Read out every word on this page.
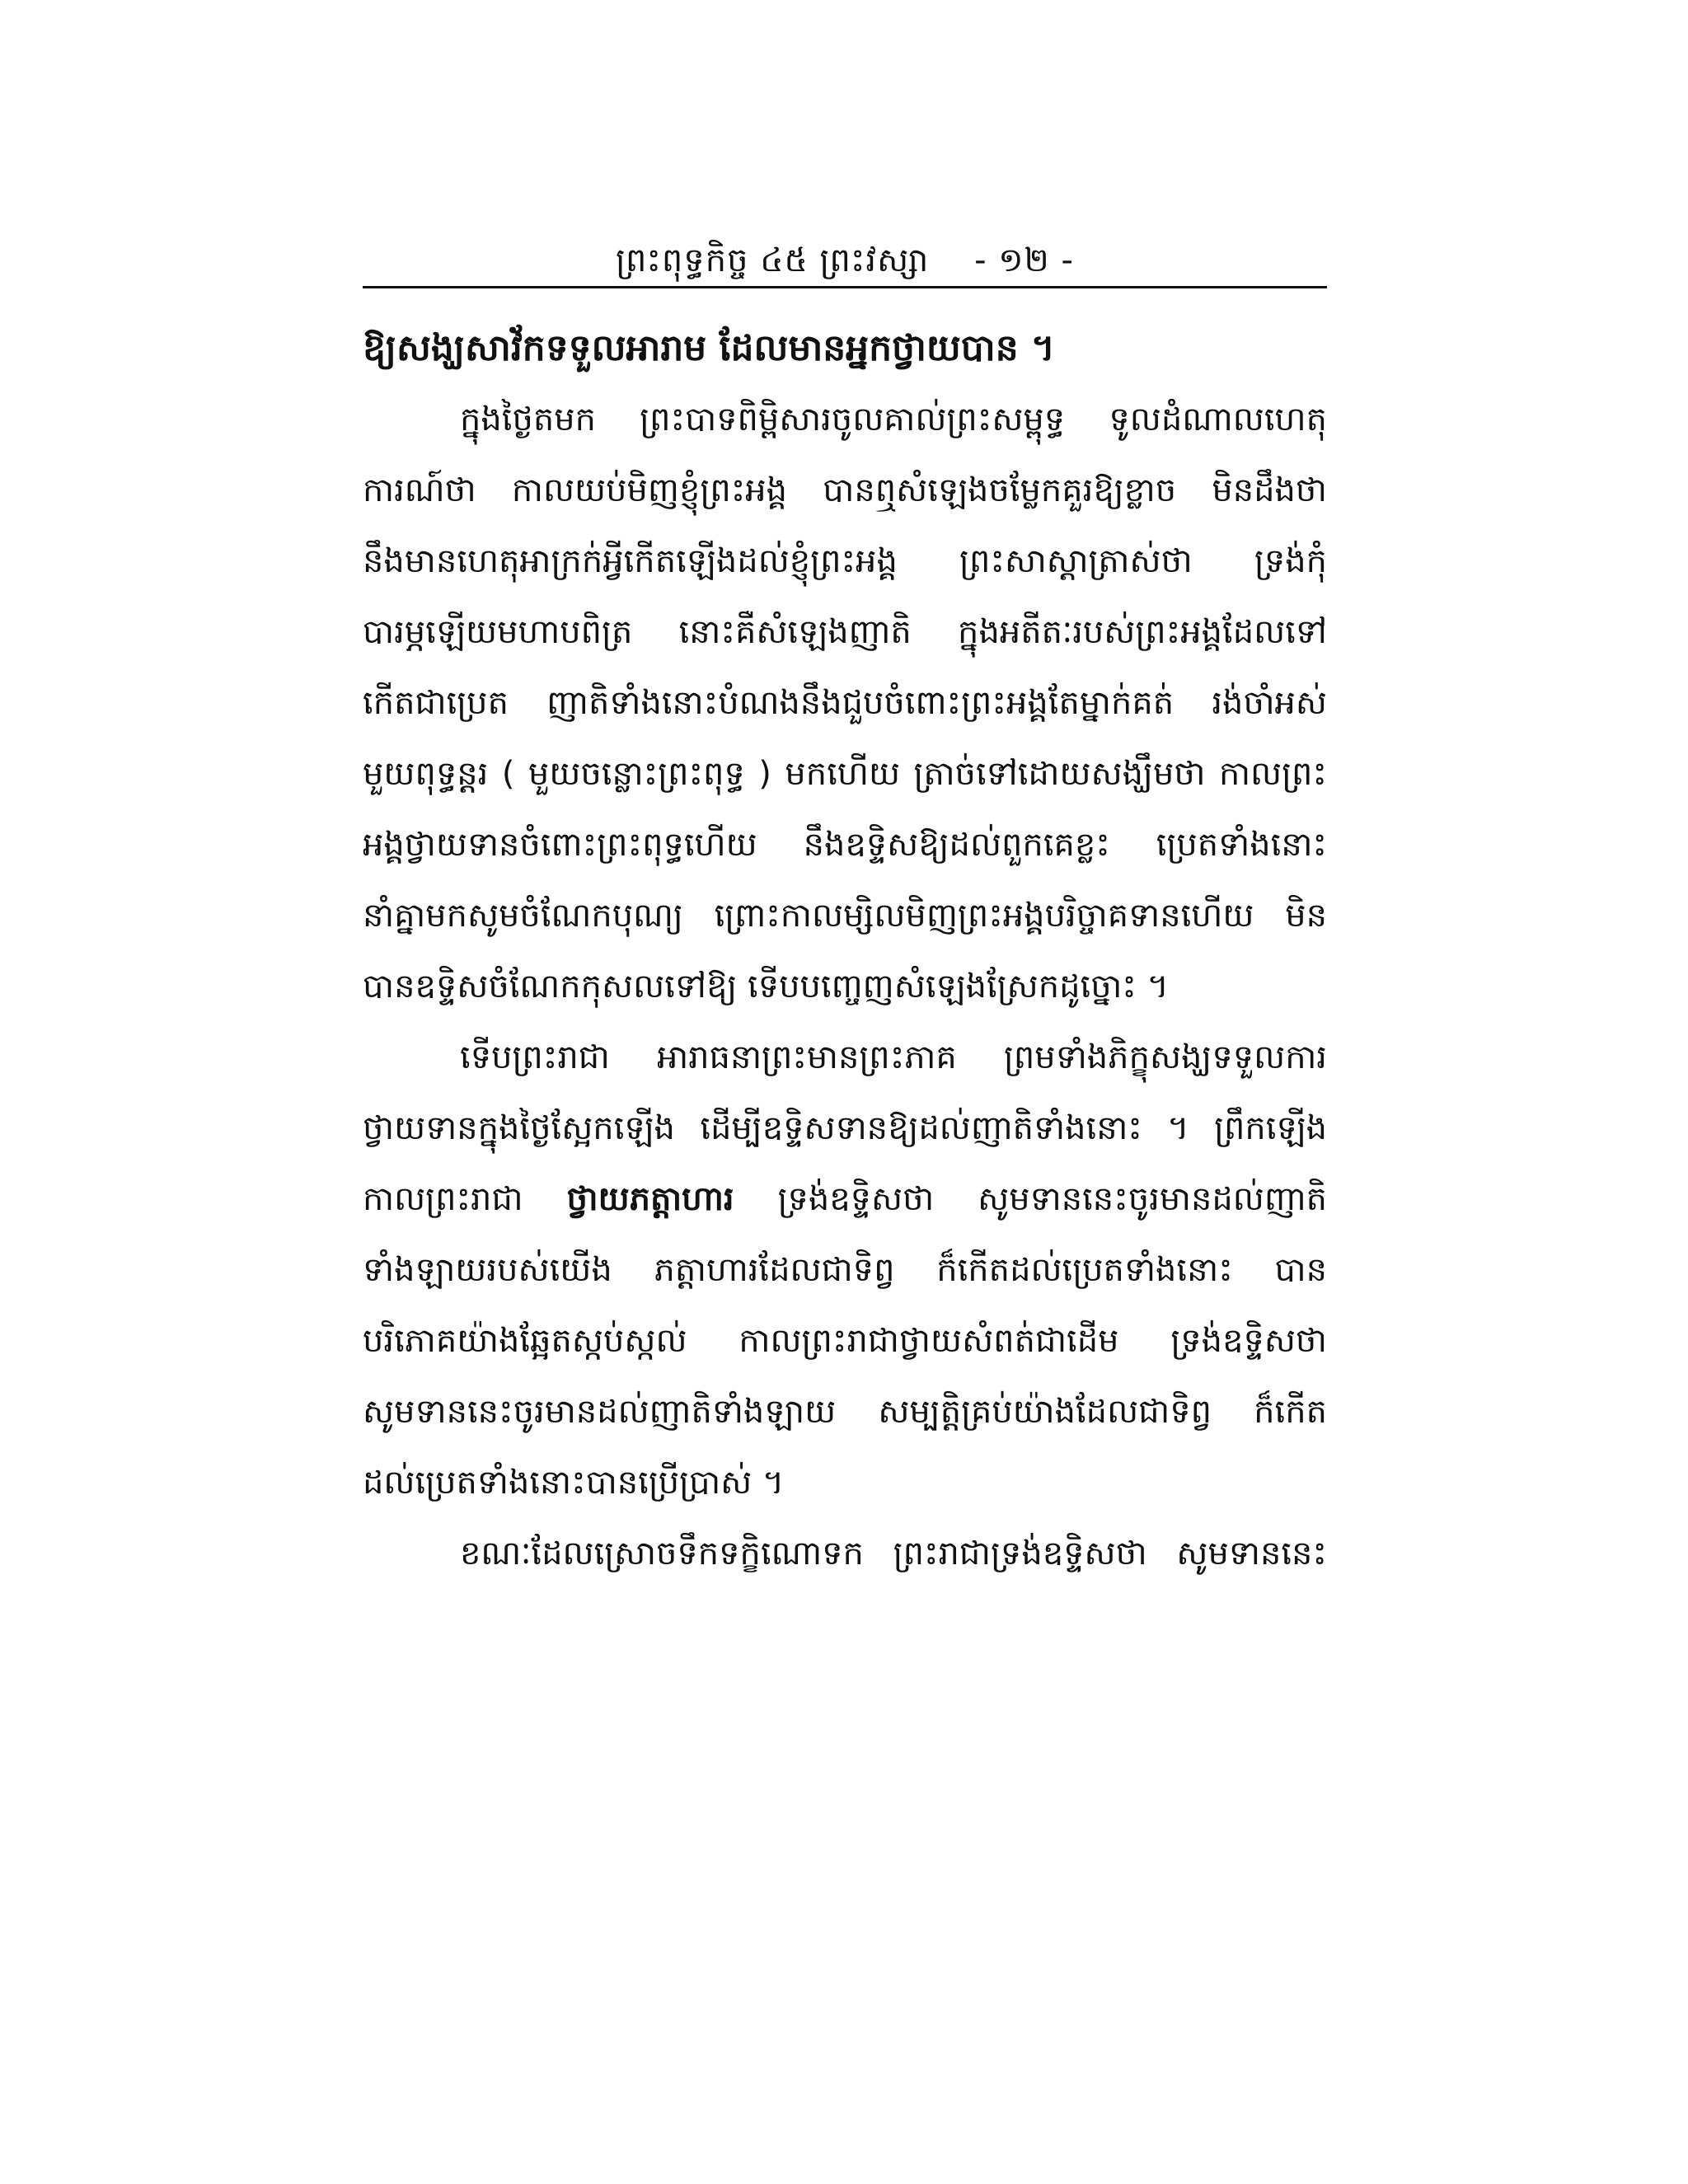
ព្រះពុទ្ធកិច្ច ៤៥ ព្រះវស្សា - ១២ -

ឱ្យសង្ឃសាវ័កទទួលអារាម ដែលមានអ្នកថ្វាយបាន ។

ក្នុងថ្ងៃតមក ព្រះបាទពិម្ពិសារចូលគាល់ព្រះសម្ពុទ្ធ ទូលដំណាលហេតុ
ការណ៍ថា កាលយប់មិញខ្ញុំព្រះអង្គ បានឮសំឡេងចម្លែកគួរឱ្យខ្លាច មិនដឹងថា
នឹងមានហេតុអាក្រក់អ្វីកើតឡើងដល់ខ្ញុំព្រះអង្គ ព្រះសាស្តាត្រាស់ថា ទ្រង់កុំ
បារម្ភឡើយមហាបពិត្រ នោះគឺសំឡេងញាតិ ក្នុងអតីតៈរបស់ព្រះអង្គដែលទៅ
កើតជាប្រេត ញាតិទាំងនោះបំណងនឹងជួបចំពោះព្រះអង្គតែម្នាក់គត់ រង់ចាំអស់
មួយពុទ្ធន្តរ ( មួយចន្លោះព្រះពុទ្ធ ) មកហើយ ត្រាច់ទៅដោយសង្ឃឹមថា កាលព្រះ
អង្គថ្វាយទានចំពោះព្រះពុទ្ធហើយ នឹងឧទ្ទិសឱ្យដល់ពួកគេខ្លះ ប្រេតទាំងនោះ
នាំគ្នាមកសូមចំណែកបុណ្យ ព្រោះកាលម្សិលមិញព្រះអង្គបរិច្ចាគទានហើយ មិន
បានឧទ្ទិសចំណែកកុសលទៅឱ្យ ទើបបញ្ចេញសំឡេងស្រែកដូច្នោះ ។
ទើបព្រះរាជា អារាធនាព្រះមានព្រះភាគ ព្រមទាំងភិក្ខុសង្ឃទទួលការ
ថ្វាយទានក្នុងថ្ងៃស្អែកឡើង ដើម្បីឧទ្ទិសទានឱ្យដល់ញាតិទាំងនោះ ។ ព្រឹកឡើង
កាលព្រះរាជា ថ្វាយភត្តាហារ ទ្រង់ឧទ្ទិសថា សូមទាននេះចូរមានដល់ញាតិ
ទាំងឡាយរបស់យើង ភត្តាហារដែលជាទិព្វ ក៏កើតដល់ប្រេតទាំងនោះ បាន
បរិភោគយ៉ាងឆ្អែតស្កប់ស្កល់ កាលព្រះរាជាថ្វាយសំពត់ជាដើម ទ្រង់ឧទ្ទិសថា
សូមទាននេះចូរមានដល់ញាតិទាំងឡាយ សម្បត្តិគ្រប់យ៉ាងដែលជាទិព្វ ក៏កើត
ដល់ប្រេតទាំងនោះបានប្រើប្រាស់ ។
ខណៈដែលស្រោចទឹកទក្ខិណោទក ព្រះរាជាទ្រង់ឧទ្ទិសថា សូមទាននេះ
